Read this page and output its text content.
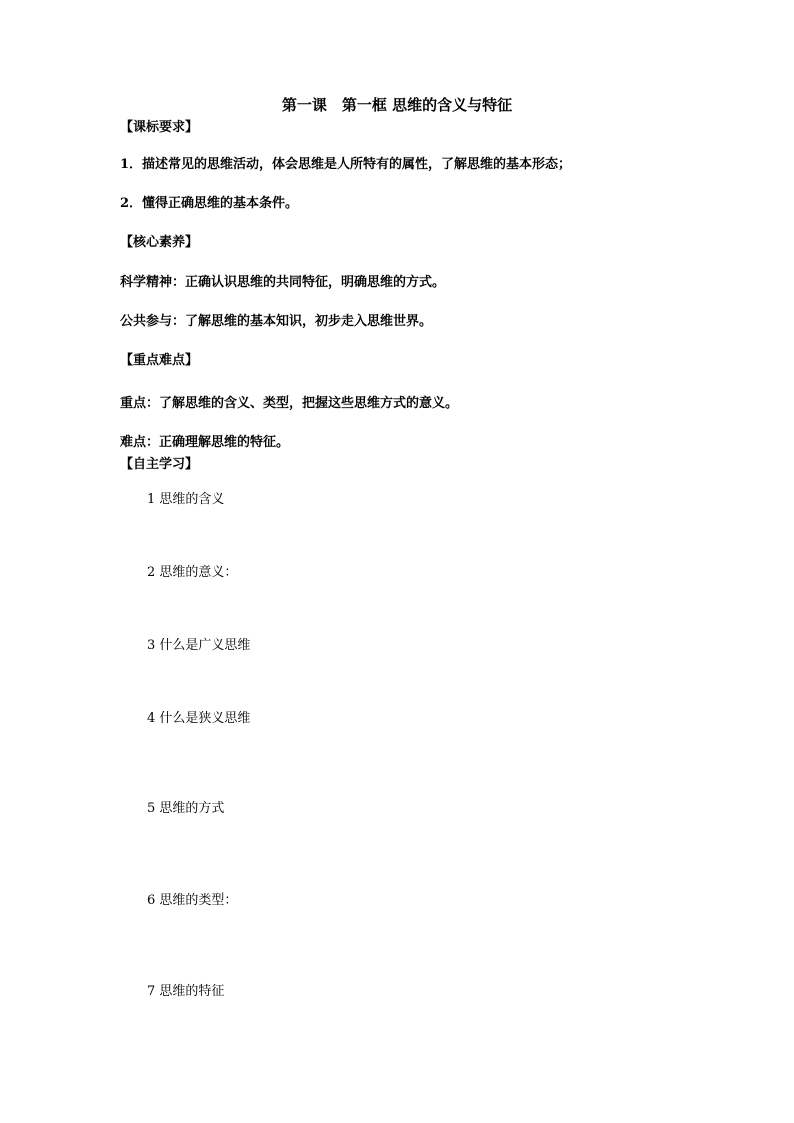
第一课　第一框 思维的含义与特征
【课标要求】
1．描述常见的思维活动，体会思维是人所特有的属性，了解思维的基本形态；
2．懂得正确思维的基本条件。
【核心素养】
科学精神：正确认识思维的共同特征，明确思维的方式。
公共参与：了解思维的基本知识，初步走入思维世界。
【重点难点】
重点：了解思维的含义、类型，把握这些思维方式的意义。
难点：正确理解思维的特征。
【自主学习】
1 思维的含义
2 思维的意义：
3 什么是广义思维
4 什么是狭义思维
5 思维的方式
6 思维的类型：
7 思维的特征
